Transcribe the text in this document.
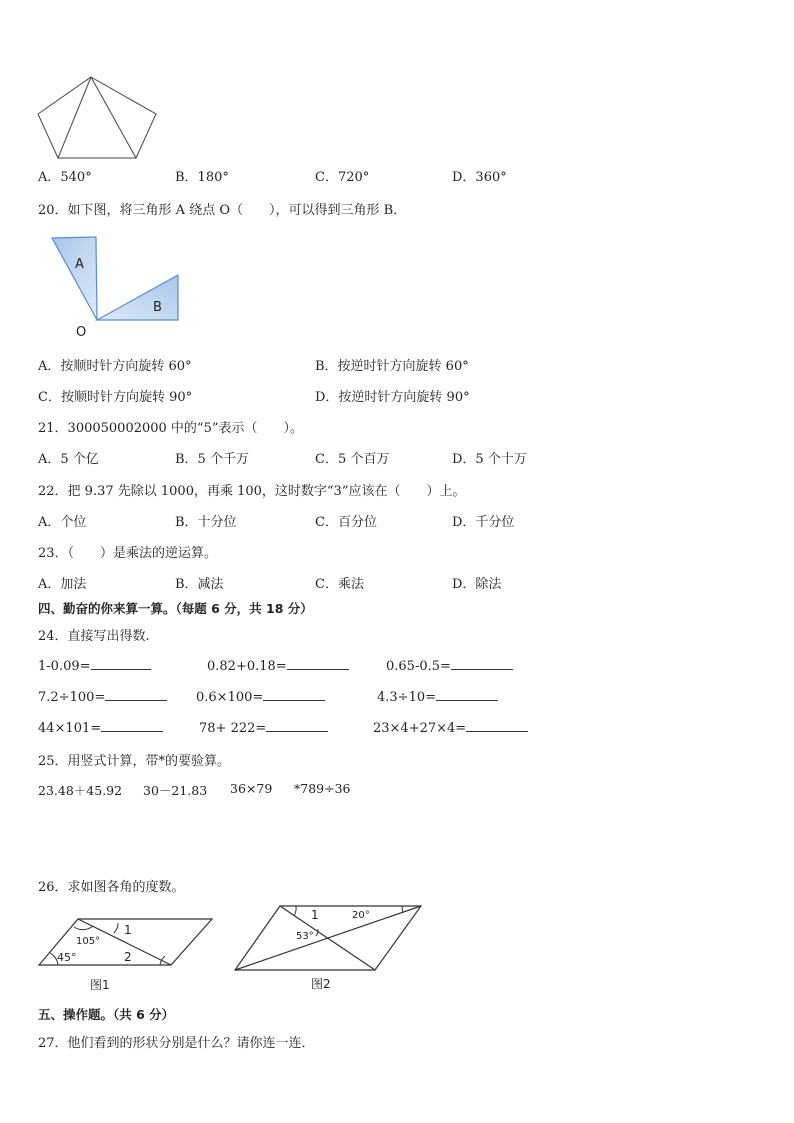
A．540°	B．180°	C．720°	D．360°
20．如下图，将三角形 A 绕点 O（　　），可以得到三角形 B．
A
B
O
A．按顺时针方向旋转 60°	B．按逆时针方向旋转 60°
C．按顺时针方向旋转 90°	D．按逆时针方向旋转 90°
21．300050002000 中的“5”表示（　　）。
A．5 个亿	B．5 个千万	C．5 个百万	D．5 个十万
22．把 9.37 先除以 1000，再乘 100，这时数字“3”应该在（　　）上。
A．个位	B．十分位	C．百分位	D．千分位
23．（　　）是乘法的逆运算。
A．加法	B．减法	C．乘法	D．除法
四、勤奋的你来算一算。（每题 6 分，共 18 分）
24．直接写出得数.
1-0.09=	0.82+0.18=	0.65-0.5=
7.2÷100=	0.6×100=	4.3÷10=
44×101=	78+ 222=	23×4+27×4=
25．用竖式计算，带*的要验算。
23.48＋45.92 30－21.83 36×79 *789÷36
26．求如图各角的度数。
105°
1
45°	2
图1
1	20°
53°
图2
五、操作题。（共 6 分）
27．他们看到的形状分别是什么？请你连一连．
